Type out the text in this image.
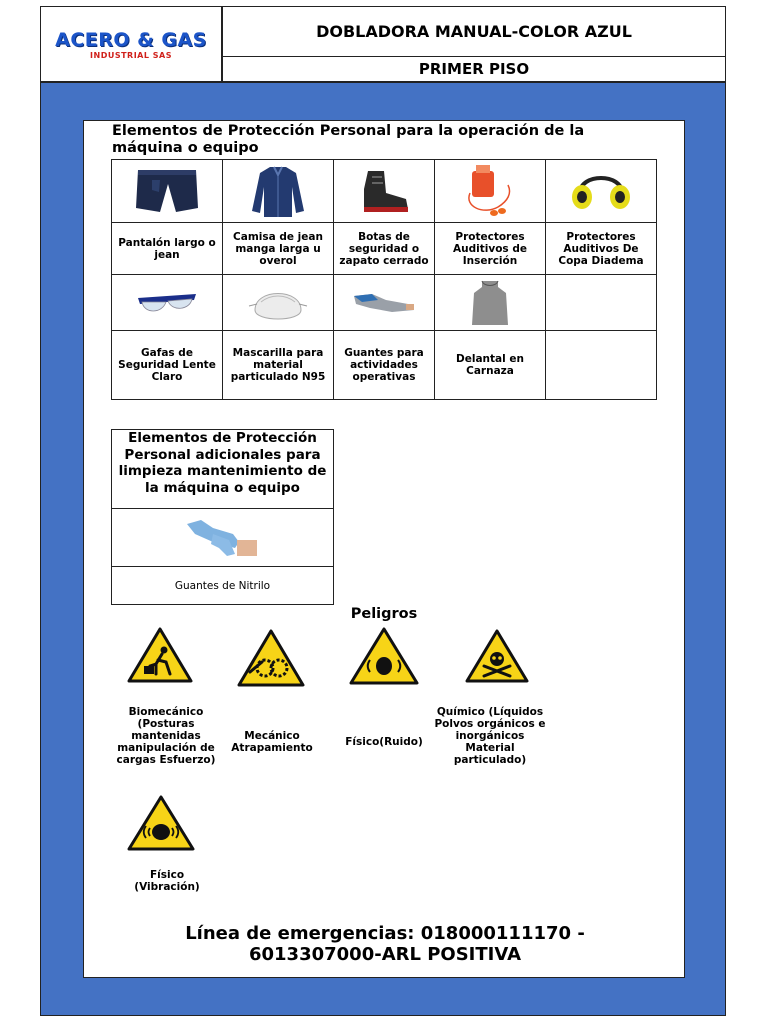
ACERO & GAS
INDUSTRIAL SAS
DOBLADORA MANUAL-COLOR AZUL
PRIMER PISO
Elementos de Protección Personal para la operación de la máquina o equipo

Pantalón largo o jean	Camisa de jean manga larga u overol	Botas de seguridad o zapato cerrado	Protectores Auditivos de Inserción	Protectores Auditivos De Copa Diadema

Gafas de Seguridad Lente Claro	Mascarilla para material particulado N95	Guantes para actividades operativas	Delantal en Carnaza	
Elementos de Protección Personal adicionales para limpieza mantenimiento de la máquina o equipo
Guantes de Nitrilo
Peligros
Biomecánico (Posturas mantenidas manipulación de cargas Esfuerzo)
Mecánico Atrapamiento	Físico(Ruido)
Químico (Líquidos Polvos orgánicos e inorgánicos Material particulado)
Físico (Vibración)
Línea de emergencias: 018000111170 - 6013307000-ARL POSITIVA
